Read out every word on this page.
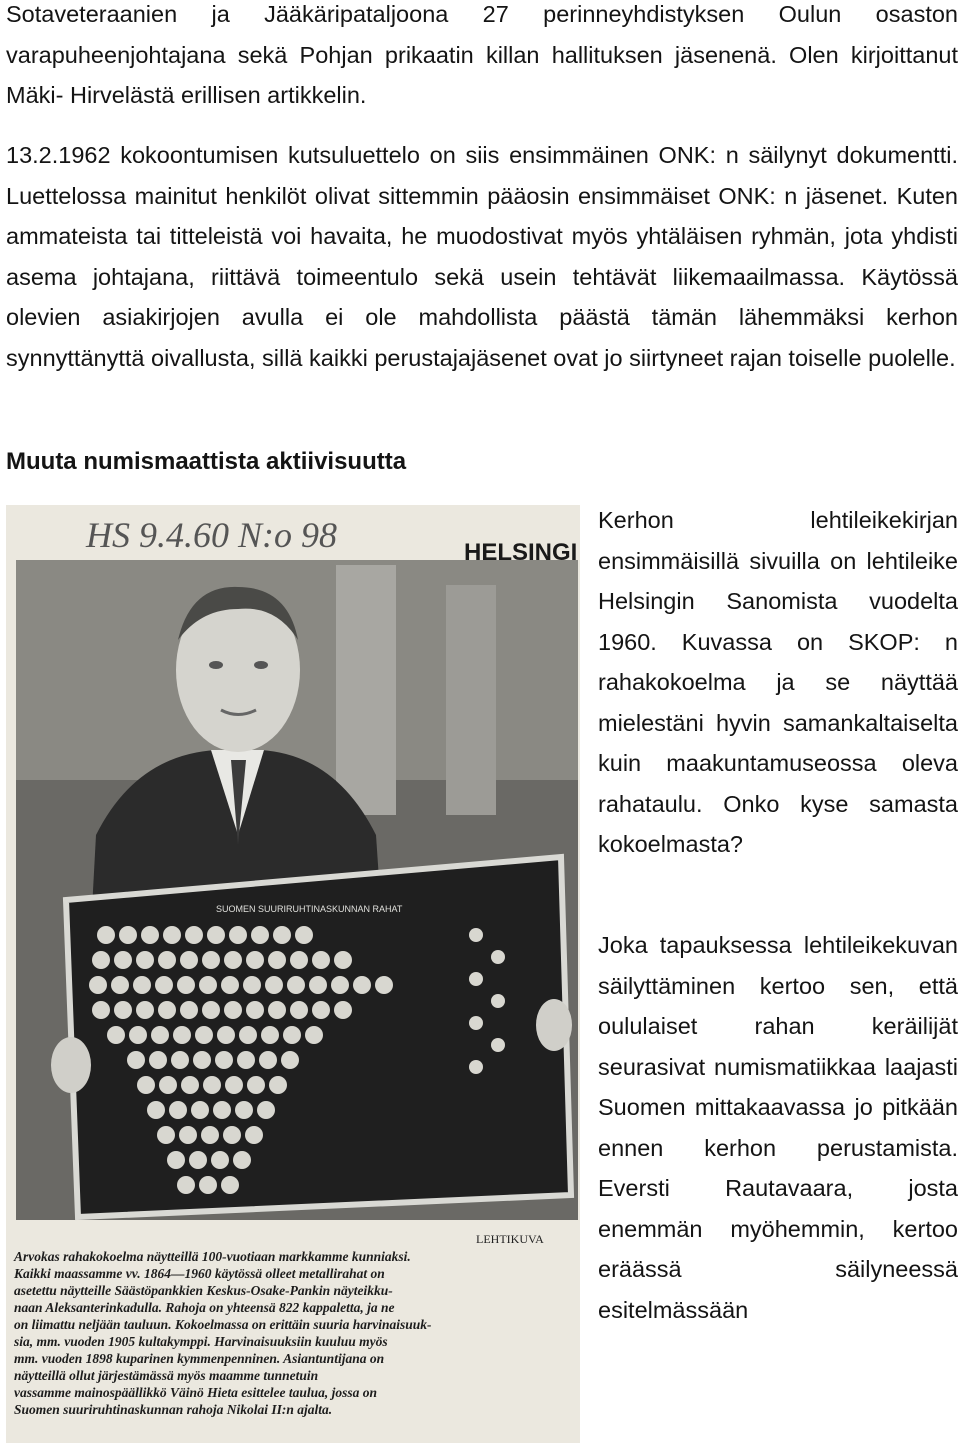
Sotaveteraanien ja Jääkäripataljoona 27 perinneyhdistyksen Oulun osaston varapuheenjohtajana sekä Pohjan prikaatin killan hallituksen jäsenenä. Olen kirjoittanut Mäki- Hirvelästä erillisen artikkelin.

13.2.1962 kokoontumisen kutsuluettelo on siis ensimmäinen ONK: n säilynyt dokumentti. Luettelossa mainitut henkilöt olivat sittemmin pääosin ensimmäiset ONK: n jäsenet. Kuten ammateista tai titteleistä voi havaita, he muodostivat myös yhtäläisen ryhmän, jota yhdisti asema johtajana, riittävä toimeentulo sekä usein tehtävät liikemaailmassa. Käytössä olevien asiakirjojen avulla ei ole mahdollista päästä tämän lähemmäksi kerhon synnyttänyttä oivallusta, sillä kaikki perustajajäsenet ovat jo siirtyneet rajan toiselle puolelle.

Muuta numismaattista aktiivisuutta
SUOMEN SUURIRUHTINASKUNNAN RAHAT
HELSINGI
HS 9.4.60 N:o 98
LEHTIKUVA
Arvokas rahakokoelma näytteillä 100-vuotiaan markkamme kunniaksi.
Kaikki maassamme vv. 1864—1960 käytössä olleet metallirahat on
asetettu näytteille Säästöpankkien Keskus-Osake-Pankin näyteikku-
naan Aleksanterinkadulla. Rahoja on yhteensä 822 kappaletta, ja ne
on liimattu neljään tauluun. Kokoelmassa on erittäin suuria harvinaisuuk-
sia, mm. vuoden 1905 kultakymppi. Harvinaisuuksiin kuuluu myös
mm. vuoden 1898 kuparinen kymmenpenninen. Asiantuntijana on
näytteillä ollut järjestämässä myös maamme tunnetuin
vassamme mainospäällikkö Väinö Hieta esittelee taulua, jossa on
Suomen suuriruhtinaskunnan rahoja Nikolai II:n ajalta.

Kerhon lehtileikekirjan ensimmäisillä sivuilla on lehtileike Helsingin Sanomista vuodelta 1960. Kuvassa on SKOP: n rahakokoelma ja se näyttää mielestäni hyvin samankaltaiselta kuin maakuntamuseossa oleva rahataulu. Onko kyse samasta kokoelmasta?

Joka tapauksessa lehtileikekuvan säilyttäminen kertoo sen, että oululaiset rahan keräilijät seurasivat numismatiikkaa laajasti Suomen mittakaavassa jo pitkään ennen kerhon perustamista. Eversti Rautavaara, josta enemmän myöhemmin, kertoo eräässä säilyneessä esitelmässään
